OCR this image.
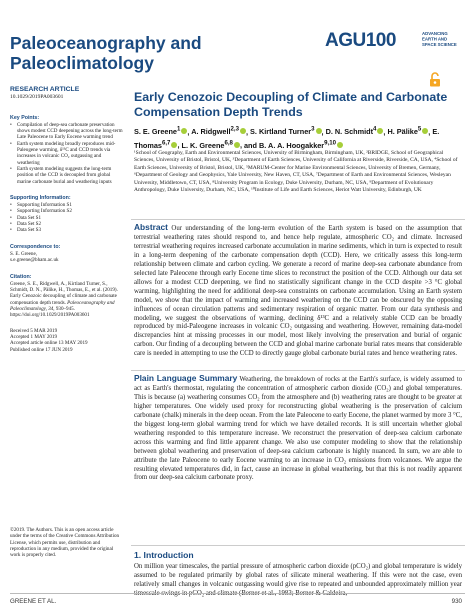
Paleoceanography and
Paleoclimatology
AGU100	ADVANCING
EARTH AND
SPACE SCIENCE
RESEARCH ARTICLE
10.1029/2019PA003601
Key Points:
• Compilation of deep-sea carbonate preservation shows modest CCD deepening across the long-term Late Paleocene to Early Eocene warming trend
• Earth system modeling broadly reproduces mid-Paleogene warming, δ¹³C and CCD trends via increases in volcanic CO₂ outgassing and weathering
• Earth system modeling suggests the long-term position of the CCD is decoupled from global marine carbonate burial and weathering inputs
Supporting Information:
• Supporting Information S1
• Supporting Information S2
• Data Set S1
• Data Set S2
• Data Set S3
Correspondence to:
S. E. Greene,
s.e.greene@bham.ac.uk
Citation:
Greene, S. E., Ridgwell, A., Kirtland Turner, S., Schmidt, D. N., Pälike, H., Thomas, E., et al. (2019). Early Cenozoic decoupling of climate and carbonate compensation depth trends. Paleoceanography and Paleoclimatology, 34, 930–945. https://doi.org/10.1029/2019PA003601
Received 5 MAR 2019
Accepted 1 MAY 2019
Accepted article online 13 MAY 2019
Published online 17 JUN 2019
©2019. The Authors. This is an open access article under the terms of the Creative Commons Attribution License, which permits use, distribution and reproduction in any medium, provided the original work is properly cited.
Early Cenozoic Decoupling of Climate and Carbonate Compensation Depth Trends
S. E. Greene$^1$ , A. Ridgwell$^{2,3}$ , S. Kirtland Turner$^3$ , D. N. Schmidt$^4$ , H. Pälike$^5$ , E. Thomas$^{6,7}$ , L. K. Greene$^{6,8}$ , and B. A. A. Hoogakker$^{9,10}$
¹School of Geography, Earth and Environmental Sciences, University of Birmingham, Birmingham, UK, ²BRIDGE, School of Geographical Sciences, University of Bristol, Bristol, UK, ³Department of Earth Sciences, University of California at Riverside, Riverside, CA, USA, ⁴School of Earth Sciences, University of Bristol, Bristol, UK, ⁵MARUM-Center for Marine Environmental Sciences, University of Bremen, Germany, ⁶Department of Geology and Geophysics, Yale University, New Haven, CT, USA, ⁷Department of Earth and Environmental Sciences, Wesleyan University, Middletown, CT, USA, ⁸University Program in Ecology, Duke University, Durham, NC, USA, ⁹Department of Evolutionary Anthropology, Duke University, Durham, NC, USA, ¹⁰Institute of Life and Earth Sciences, Heriot Watt University, Edinburgh, UK
Abstract Our understanding of the long-term evolution of the Earth system is based on the assumption that terrestrial weathering rates should respond to, and hence help regulate, atmospheric CO₂ and climate. Increased terrestrial weathering requires increased carbonate accumulation in marine sediments, which in turn is expected to result in a long-term deepening of the carbonate compensation depth (CCD). Here, we critically assess this long-term relationship between climate and carbon cycling. We generate a record of marine deep-sea carbonate abundance from selected late Paleocene through early Eocene time slices to reconstruct the position of the CCD. Although our data set allows for a modest CCD deepening, we find no statistically significant change in the CCD despite >3 °C global warming, highlighting the need for additional deep-sea constraints on carbonate accumulation. Using an Earth system model, we show that the impact of warming and increased weathering on the CCD can be obscured by the opposing influences of ocean circulation patterns and sedimentary respiration of organic matter. From our data synthesis and modeling, we suggest the observations of warming, declining δ¹³C and a relatively stable CCD can be broadly reproduced by mid-Paleogene increases in volcanic CO₂ outgassing and weathering. However, remaining data-model discrepancies hint at missing processes in our model, most likely involving the preservation and burial of organic carbon. Our finding of a decoupling between the CCD and global marine carbonate burial rates means that considerable care is needed in attempting to use the CCD to directly gauge global carbonate burial rates and hence weathering rates.
Plain Language Summary Weathering, the breakdown of rocks at the Earth's surface, is widely assumed to act as Earth's thermostat, regulating the concentration of atmospheric carbon dioxide (CO₂) and global temperatures. This is because (a) weathering consumes CO₂ from the atmosphere and (b) weathering rates are thought to be greater at higher temperatures. One widely used proxy for reconstructing global weathering is the preservation of calcium carbonate (chalk) minerals in the deep ocean. From the late Paleocene to early Eocene, the planet warmed by more 3 °C, the biggest long-term global warming trend for which we have detailed records. It is still uncertain whether global weathering responded to this temperature increase. We reconstruct the preservation of deep-sea calcium carbonate across this warming and find little apparent change. We also use computer modeling to show that the relationship between global weathering and preservation of deep-sea calcium carbonate is highly nuanced. In sum, we are able to attribute the late Paleocene to early Eocene warming to an increase in CO₂ emissions from volcanoes. We argue the resulting elevated temperatures did, in fact, cause an increase in global weathering, but that this is not readily apparent from our deep-sea calcium carbonate proxy.
1. Introduction
On million year timescales, the partial pressure of atmospheric carbon dioxide (pCO₂) and global temperature is widely assumed to be regulated primarily by global rates of silicate mineral weathering. If this were not the case, even relatively small changes in volcanic outgassing would give rise to repeated and unbounded approximately million year timescale swings in pCO₂ and climate (Berner et al., 1983; Berner & Caldeira,
GREENE ET AL.	930
